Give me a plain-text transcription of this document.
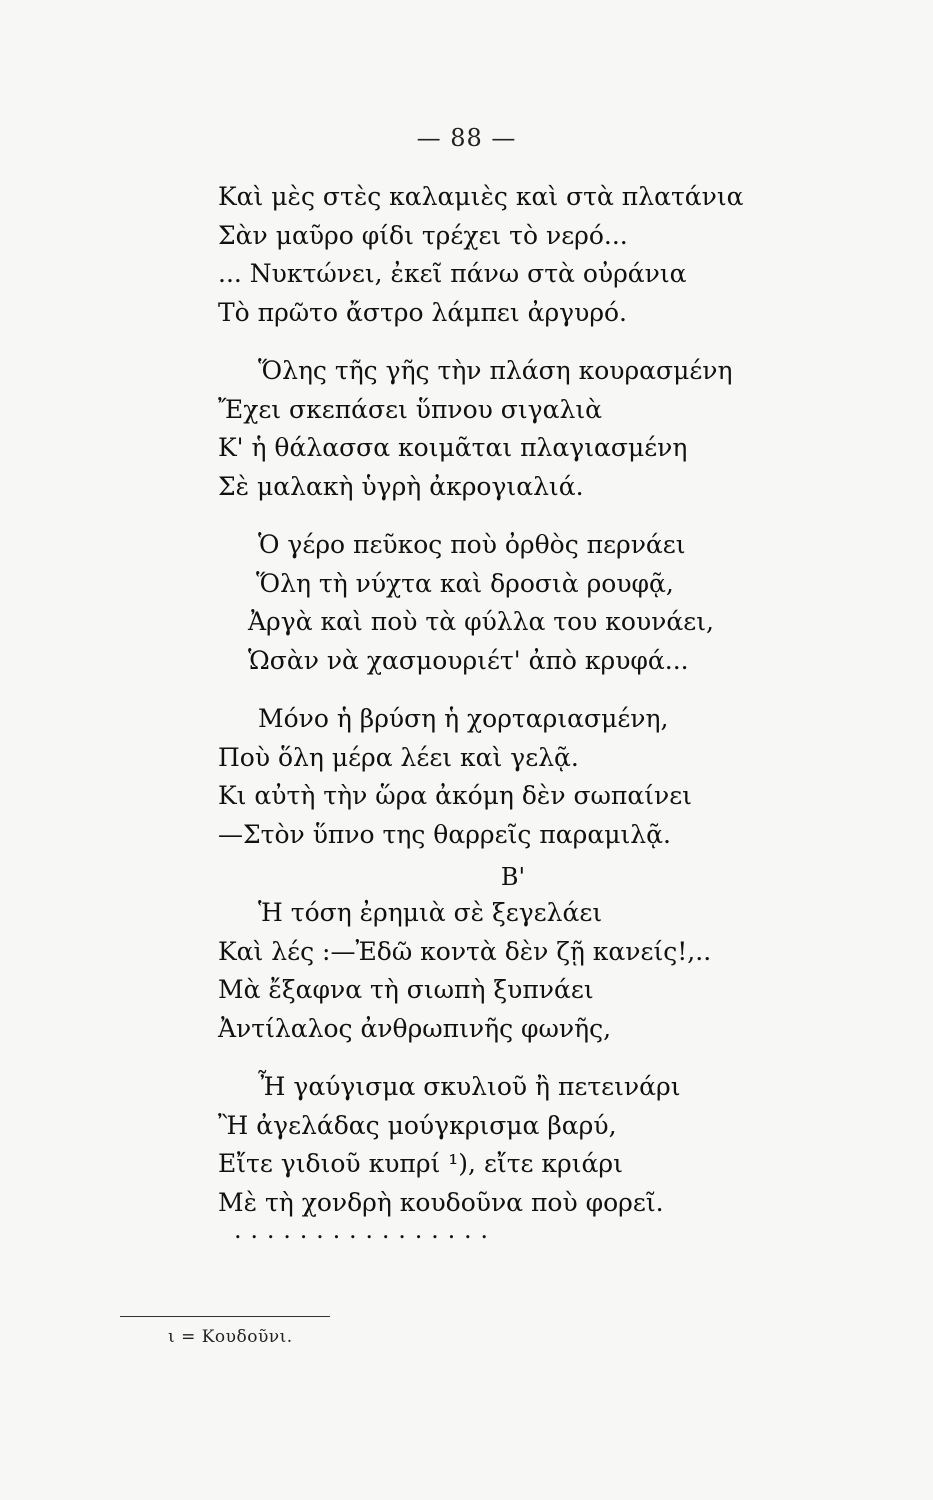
— 88 —
Καὶ μὲς στὲς καλαμιὲς καὶ στὰ πλατάνια
Σὰν μαῦρο φίδι τρέχει τὸ νερό...
... Νυκτώνει, ἐκεῖ πάνω στὰ οὐράνια
Τὸ πρῶτο ἄστρο λάμπει ἀργυρό.
Ὅλης τῆς γῆς τὴν πλάση κουρασμένη
Ἔχει σκεπάσει ὕπνου σιγαλιὰ
Κ' ἡ θάλασσα κοιμᾶται πλαγιασμένη
Σὲ μαλακὴ ὑγρὴ ἀκρογιαλιά.
Ὁ γέρο πεῦκος ποὺ ὀρθὸς περνάει
Ὅλη τὴ νύχτα καὶ δροσιὰ ρουφᾷ,
Ἀργὰ καὶ ποὺ τὰ φύλλα του κουνάει,
Ὡσὰν νὰ χασμουριέτ' ἀπὸ κρυφά...
Μόνο ἡ βρύση ἡ χορταριασμένη,
Ποὺ ὅλη μέρα λέει καὶ γελᾷ.
Κι αὐτὴ τὴν ὥρα ἀκόμη δὲν σωπαίνει
—Στὸν ὕπνο της θαρρεῖς παραμιλᾷ.
Β'
Ἡ τόση ἐρημιὰ σὲ ξεγελάει
Καὶ λές :—Ἐδῶ κοντὰ δὲν ζῇ κανείς!,..
Μὰ ἔξαφνα τὴ σιωπὴ ξυπνάει
Ἀντίλαλος ἀνθρωπινῆς φωνῆς,
Ἦ γαύγισμα σκυλιοῦ ἢ πετεινάρι
Ἢ ἀγελάδας μούγκρισμα βαρύ,
Εἴτε γιδιοῦ κυπρί ¹), εἴτε κριάρι
Μὲ τὴ χονδρὴ κουδοῦνα ποὺ φορεῖ.
................
ι = Κουδοῦνι.
